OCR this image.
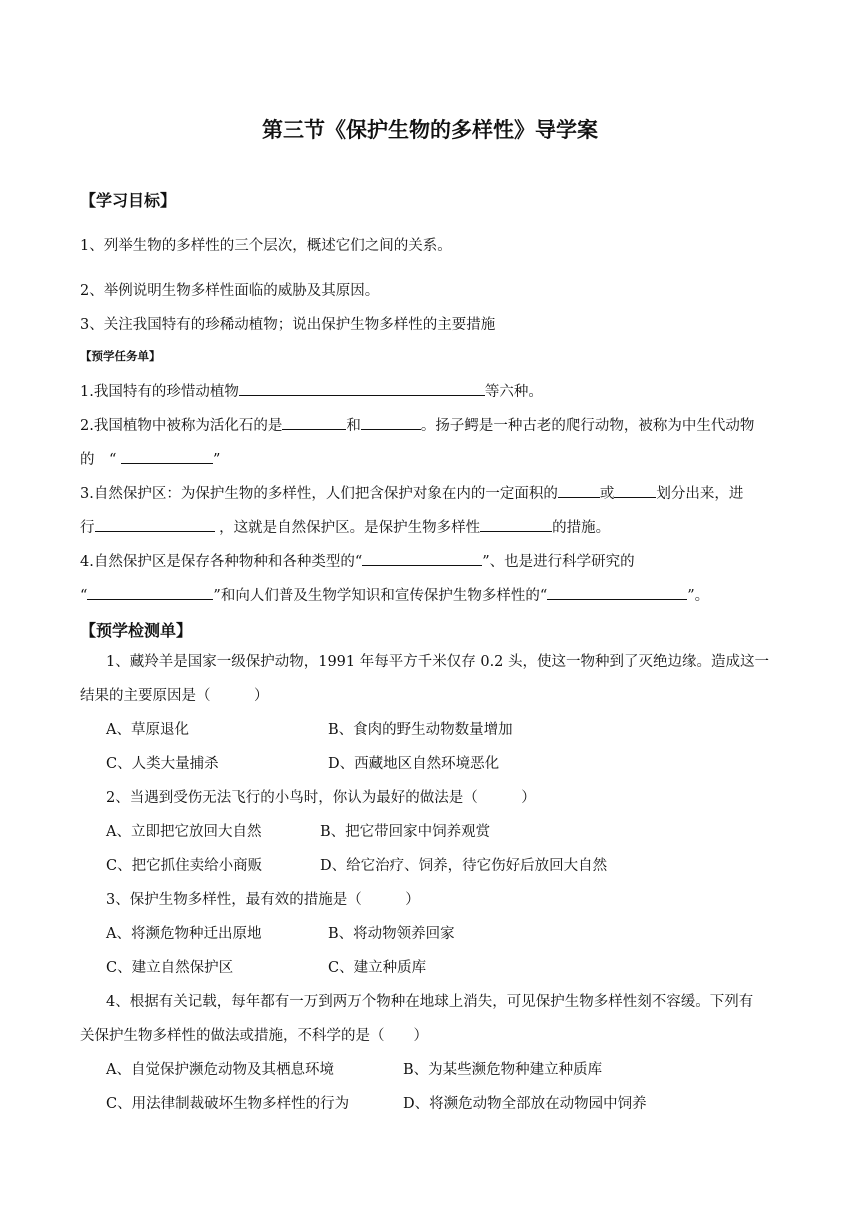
第三节《保护生物的多样性》导学案
【学习目标】
1、列举生物的多样性的三个层次，概述它们之间的关系。
2、举例说明生物多样性面临的威胁及其原因。
3、关注我国特有的珍稀动植物；说出保护生物多样性的主要措施
【预学任务单】
1.我国特有的珍惜动植物	等六种。
2.我国植物中被称为活化石的是	和	。扬子鳄是一种古老的爬行动物，被称为中生代动物
的　“	”
3.自然保护区：为保护生物的多样性，人们把含保护对象在内的一定面积的	或	划分出来，进
行	，这就是自然保护区。是保护生物多样性	的措施。
4.自然保护区是保存各种物种和各种类型的“	”、也是进行科学研究的
“	”和向人们普及生物学知识和宣传保护生物多样性的“	”。
【预学检测单】
1、藏羚羊是国家一级保护动物，1991 年每平方千米仅存 0.2 头，使这一物种到了灭绝边缘。造成这一
结果的主要原因是（　　　）
A、草原退化	B、食肉的野生动物数量增加
C、人类大量捕杀	D、西藏地区自然环境恶化
2、当遇到受伤无法飞行的小鸟时，你认为最好的做法是（　　　）
A、立即把它放回大自然	B、把它带回家中饲养观赏
C、把它抓住卖给小商贩	D、给它治疗、饲养，待它伤好后放回大自然
3、保护生物多样性，最有效的措施是（　　　）
A、将濒危物种迁出原地	B、将动物领养回家
C、建立自然保护区	C、建立种质库
4、根据有关记载，每年都有一万到两万个物种在地球上消失，可见保护生物多样性刻不容缓。下列有
关保护生物多样性的做法或措施，不科学的是（　　）
A、自觉保护濒危动物及其栖息环境	B、为某些濒危物种建立种质库
C、用法律制裁破坏生物多样性的行为	D、将濒危动物全部放在动物园中饲养
